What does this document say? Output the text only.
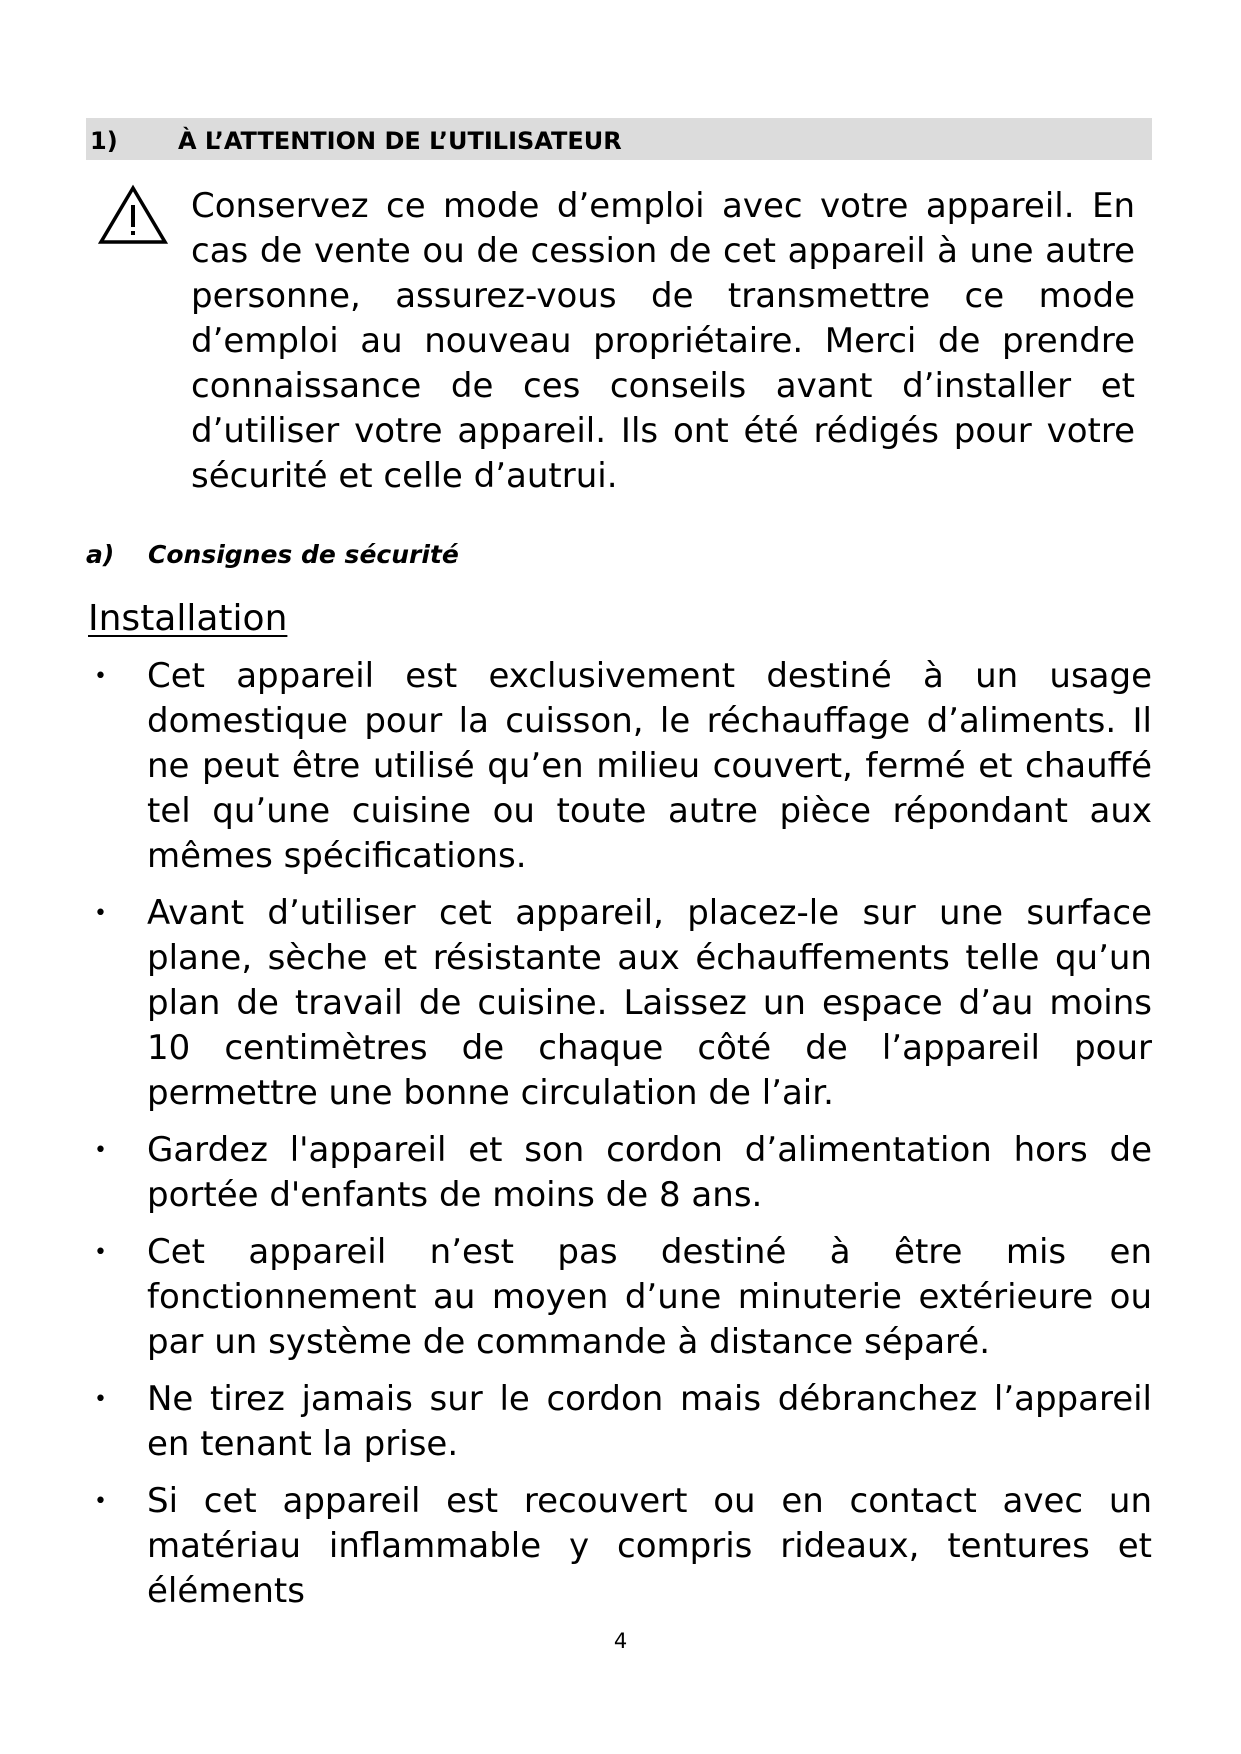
1)	À L’ATTENTION DE L’UTILISATEUR
Conservez ce mode d’emploi avec votre appareil. En cas de vente ou de cession de cet appareil à une autre personne, assurez-vous de transmettre ce mode d’emploi au nouveau propriétaire. Merci de prendre connaissance de ces conseils avant d’installer et d’utiliser votre appareil. Ils ont été rédigés pour votre sécurité et celle d’autrui.
a) Consignes de sécurité
Installation
• Cet appareil est exclusivement destiné à un usage domestique pour la cuisson, le réchauffage d’aliments. Il ne peut être utilisé qu’en milieu couvert, fermé et chauffé tel qu’une cuisine ou toute autre pièce répondant aux mêmes spécifications.
• Avant d’utiliser cet appareil, placez-le sur une surface plane, sèche et résistante aux échauffements telle qu’un plan de travail de cuisine. Laissez un espace d’au moins 10 centimètres de chaque côté de l’appareil pour permettre une bonne circulation de l’air.
• Gardez l'appareil et son cordon d’alimentation hors de portée d'enfants de moins de 8 ans.
• Cet appareil n’est pas destiné à être mis en fonctionnement au moyen d’une minuterie extérieure ou par un système de commande à distance séparé.
• Ne tirez jamais sur le cordon mais débranchez l’appareil en tenant la prise.
• Si cet appareil est recouvert ou en contact avec un matériau inflammable y compris rideaux, tentures et éléments
4
